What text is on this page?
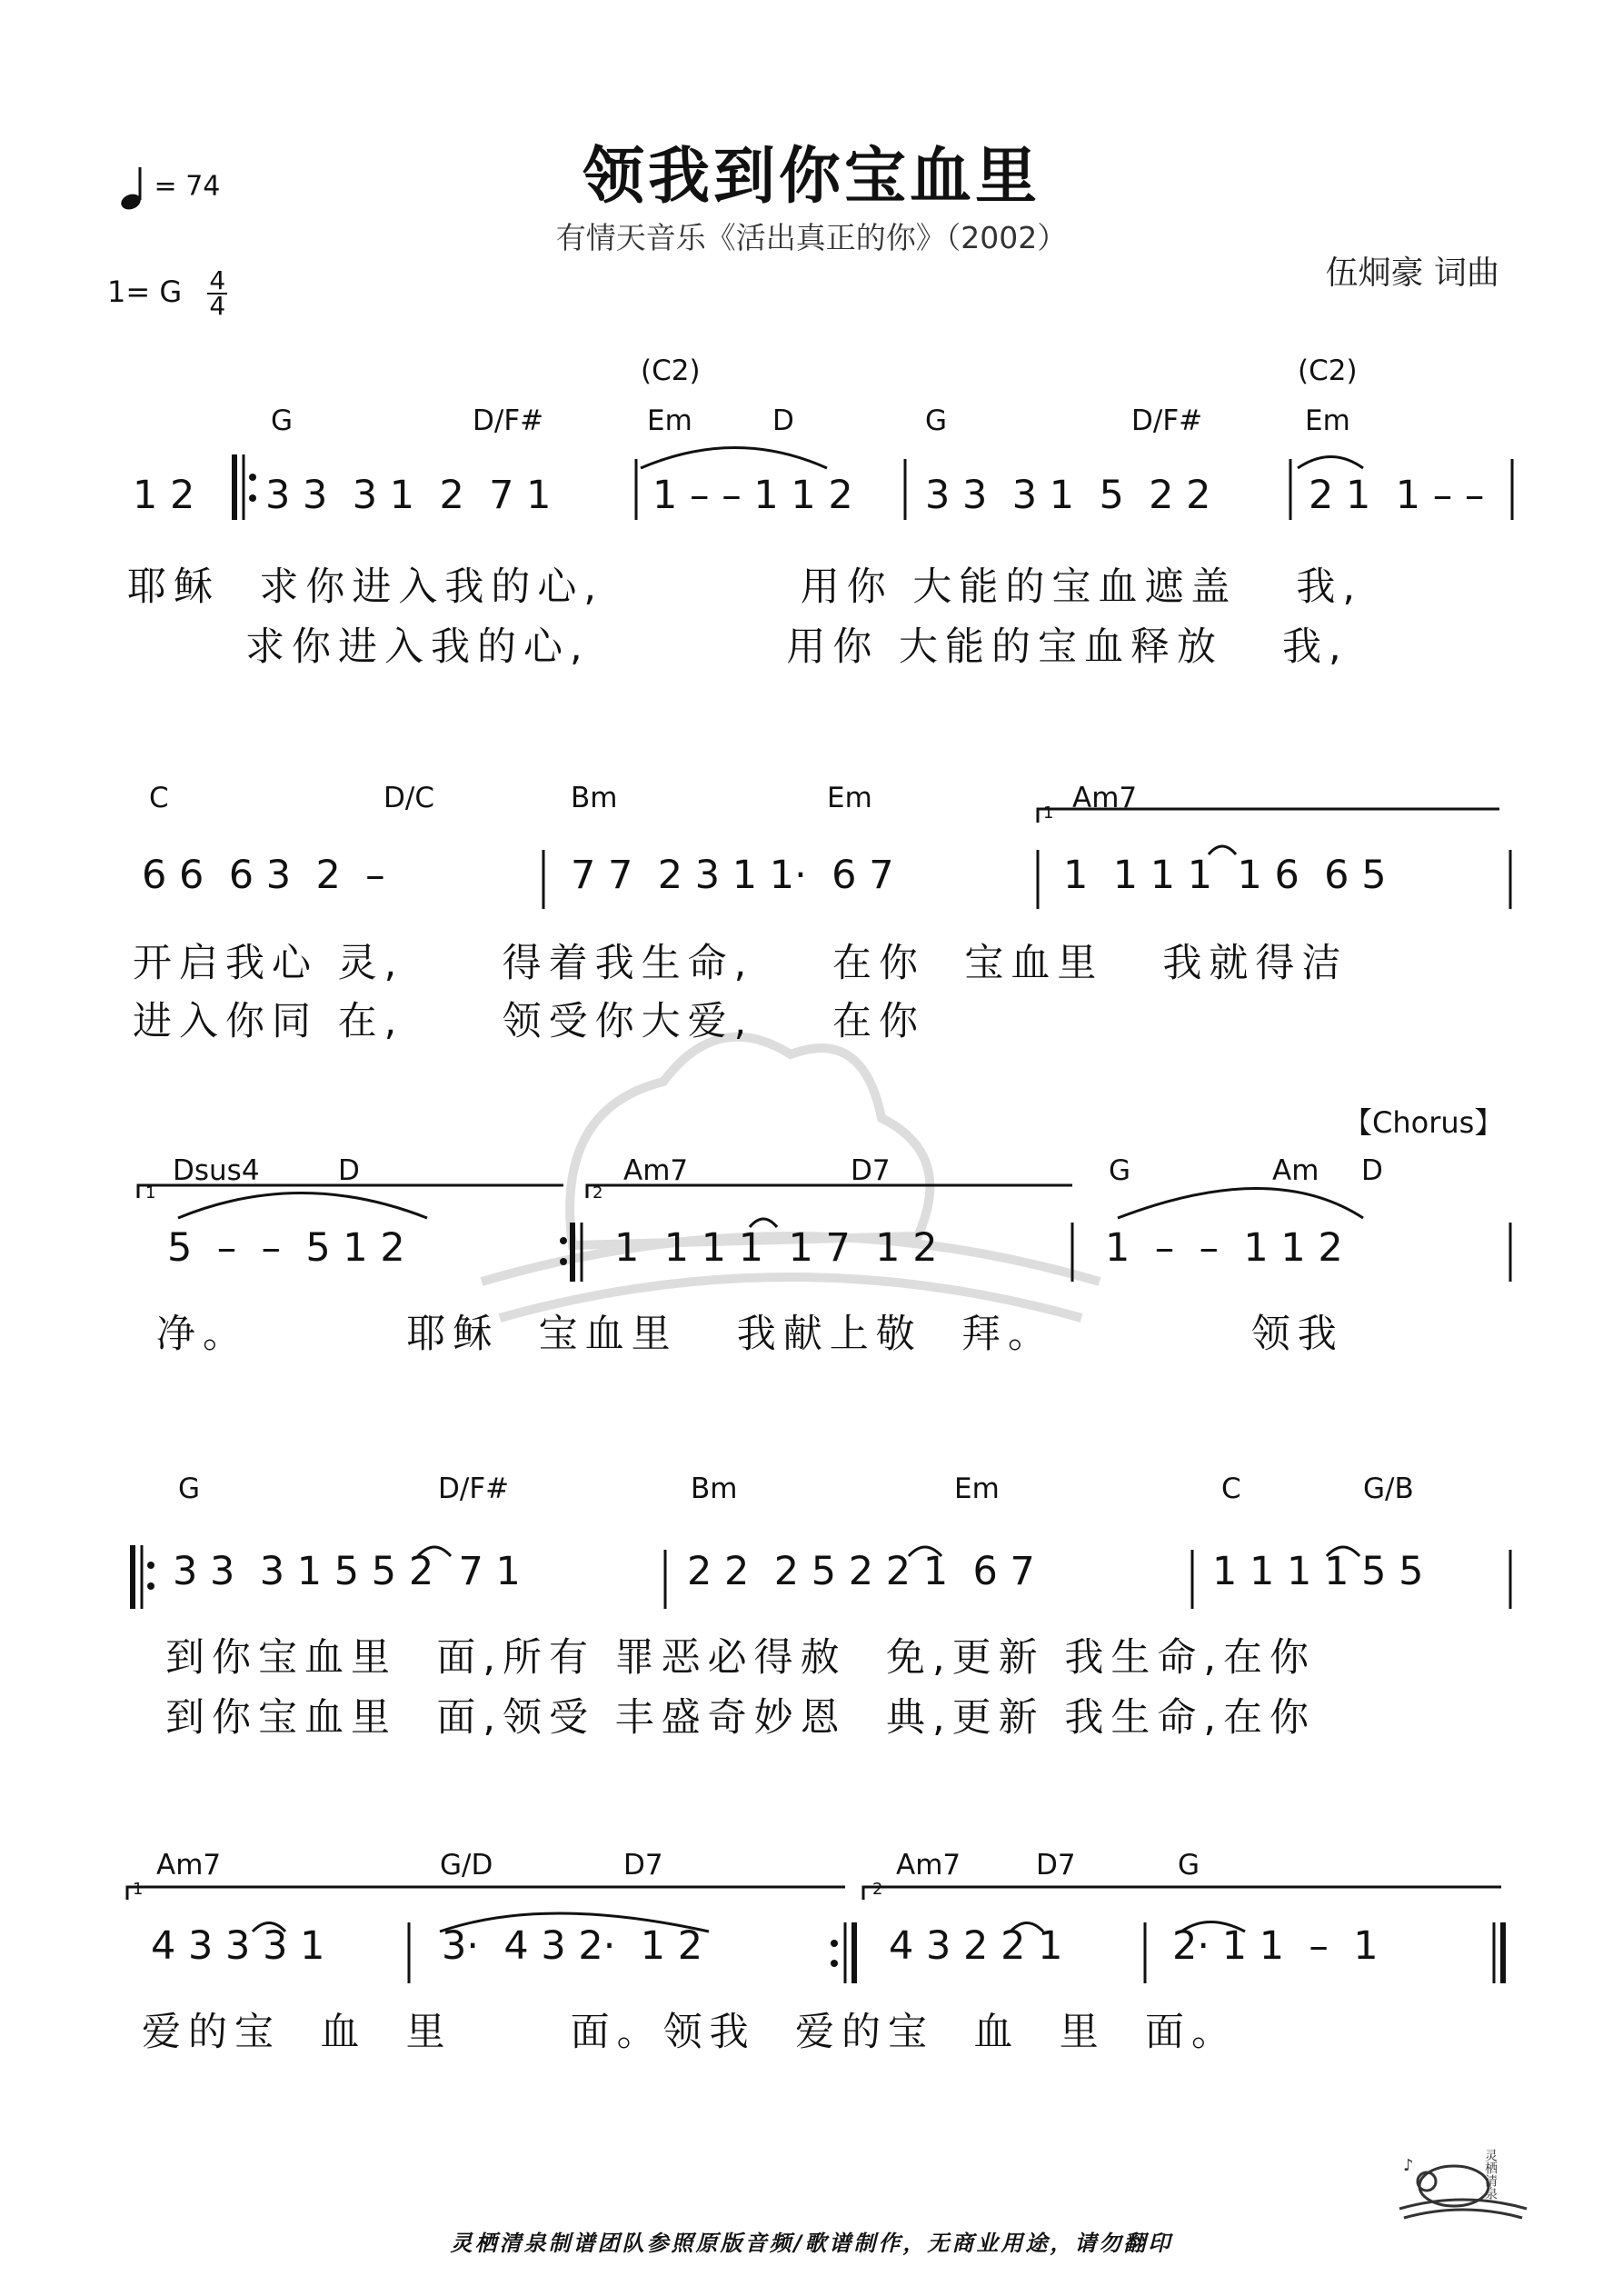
领我到你宝血里
有情天音乐《活出真正的你》（2002）
伍炯豪 词曲
= 74
1= G $\frac{4}{4}$
(C2)	(C2)
G	D/F#	Em	D	G	D/F#	Em
1 2 3 3  3 1  2  7 1	1 – – 1 1 2 3 3  3 1  5  2 2 2 1  1 – –
耶稣  求你进入我的心,          用你 大能的宝血遮盖   我,
求你进入我的心,          用你 大能的宝血释放   我,
C	D/C	Bm	Em	Am7
1
6 6  6 3  2  –	7 7  2 3 1 1·  6 7	1  1 1 1  1 6  6 5
开启我心 灵,     得着我生命,    在你  宝血里   我就得洁
进入你同 在,     领受你大爱,    在你
【Chorus】
Dsus4	D	Am7	D7	G	Am D
1	2
5  –  –  5 1 2	1  1 1 1  1 7  1 2	1  –  –  1 1 2
净。        耶稣  宝血里   我献上敬  拜。          领我
G	D/F#	Bm	Em	C	G/B
3 3  3 1 5 5 2  7 1	2 2  2 5 2 2 1  6 7	1 1 1 1 5 5
到你宝血里  面,所有 罪恶必得赦  免,更新 我生命,在你
到你宝血里  面,领受 丰盛奇妙恩  典,更新 我生命,在你
Am7	G/D	D7	Am7	D7	G
1	2
4 3 3 3 1	3·  4 3 2·  1 2	4 3 2 2 1	2· 1 1  –  1
爱的宝  血  里      面。领我  爱的宝  血  里  面。
灵栖清泉制谱团队参照原版音频/歌谱制作，无商业用途，请勿翻印
♪	灵栖清泉
